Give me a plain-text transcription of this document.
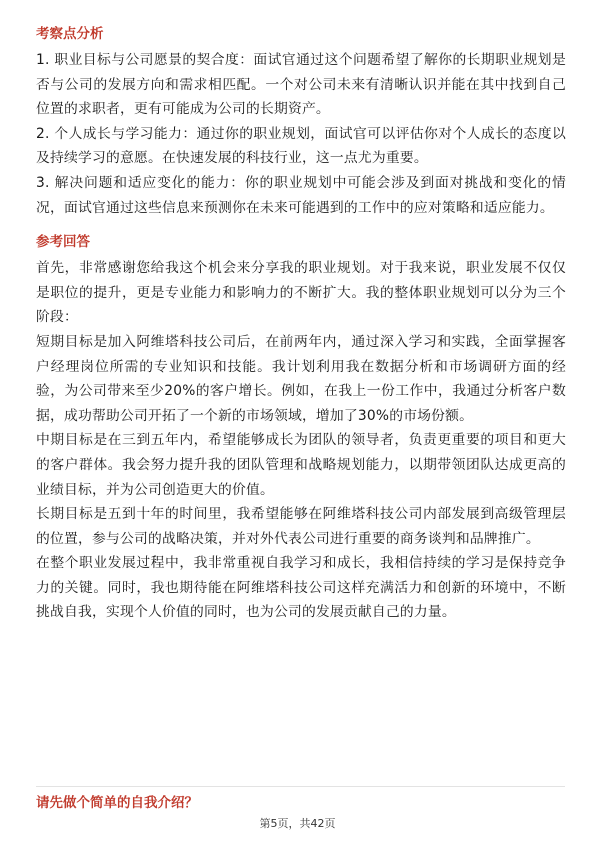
考察点分析

1. 职业目标与公司愿景的契合度：面试官通过这个问题希望了解你的长期职业规划是否与公司的发展方向和需求相匹配。一个对公司未来有清晰认识并能在其中找到自己位置的求职者，更有可能成为公司的长期资产。

2. 个人成长与学习能力：通过你的职业规划，面试官可以评估你对个人成长的态度以及持续学习的意愿。在快速发展的科技行业，这一点尤为重要。

3. 解决问题和适应变化的能力：你的职业规划中可能会涉及到面对挑战和变化的情况，面试官通过这些信息来预测你在未来可能遇到的工作中的应对策略和适应能力。

参考回答

首先，非常感谢您给我这个机会来分享我的职业规划。对于我来说，职业发展不仅仅是职位的提升，更是专业能力和影响力的不断扩大。我的整体职业规划可以分为三个阶段：

短期目标是加入阿维塔科技公司后，在前两年内，通过深入学习和实践，全面掌握客户经理岗位所需的专业知识和技能。我计划利用我在数据分析和市场调研方面的经验，为公司带来至少20%的客户增长。例如，在我上一份工作中，我通过分析客户数据，成功帮助公司开拓了一个新的市场领域，增加了30%的市场份额。

中期目标是在三到五年内，希望能够成长为团队的领导者，负责更重要的项目和更大的客户群体。我会努力提升我的团队管理和战略规划能力，以期带领团队达成更高的业绩目标，并为公司创造更大的价值。

长期目标是五到十年的时间里，我希望能够在阿维塔科技公司内部发展到高级管理层的位置，参与公司的战略决策，并对外代表公司进行重要的商务谈判和品牌推广。

在整个职业发展过程中，我非常重视自我学习和成长，我相信持续的学习是保持竞争力的关键。同时，我也期待能在阿维塔科技公司这样充满活力和创新的环境中，不断挑战自我，实现个人价值的同时，也为公司的发展贡献自己的力量。

请先做个简单的自我介绍？
第5页，共42页
